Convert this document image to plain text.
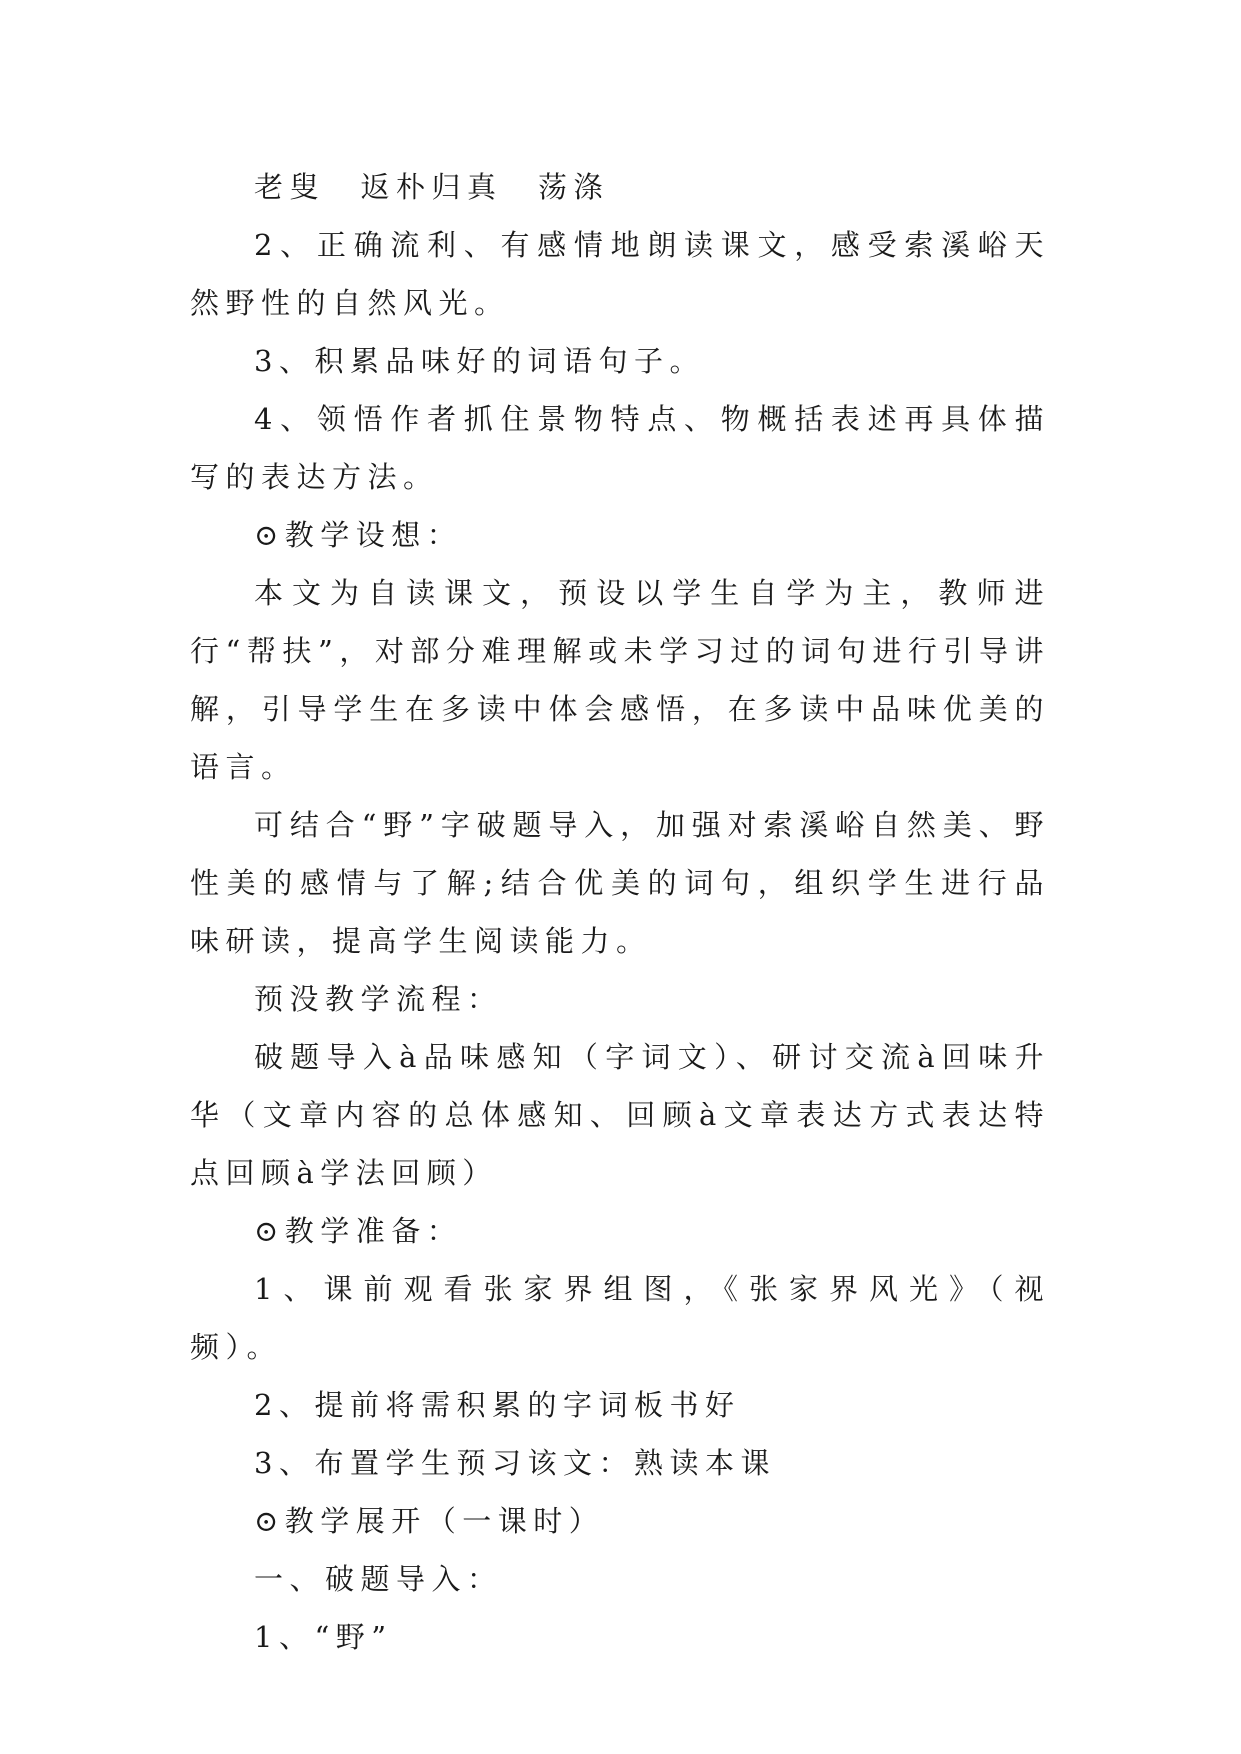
老叟　返朴归真　荡涤

2、正确流利、有感情地朗读课文，感受索溪峪天然野性的自然风光。

3、积累品味好的词语句子。

4、领悟作者抓住景物特点、物概括表述再具体描写的表达方法。

⊙教学设想：

本文为自读课文，预设以学生自学为主，教师进行“帮扶”，对部分难理解或未学习过的词句进行引导讲解，引导学生在多读中体会感悟，在多读中品味优美的语言。

可结合“野”字破题导入，加强对索溪峪自然美、野性美的感情与了解;结合优美的词句，组织学生进行品味研读，提高学生阅读能力。

预没教学流程：

破题导入à品味感知（字词文）、研讨交流à回味升华（文章内容的总体感知、回顾à文章表达方式表达特点回顾à学法回顾）

⊙教学准备：

1、课前观看张家界组图，《张家界风光》（视频）。

2、提前将需积累的字词板书好

3、布置学生预习该文：熟读本课

⊙教学展开（一课时）

一、破题导入：

1、“野”
